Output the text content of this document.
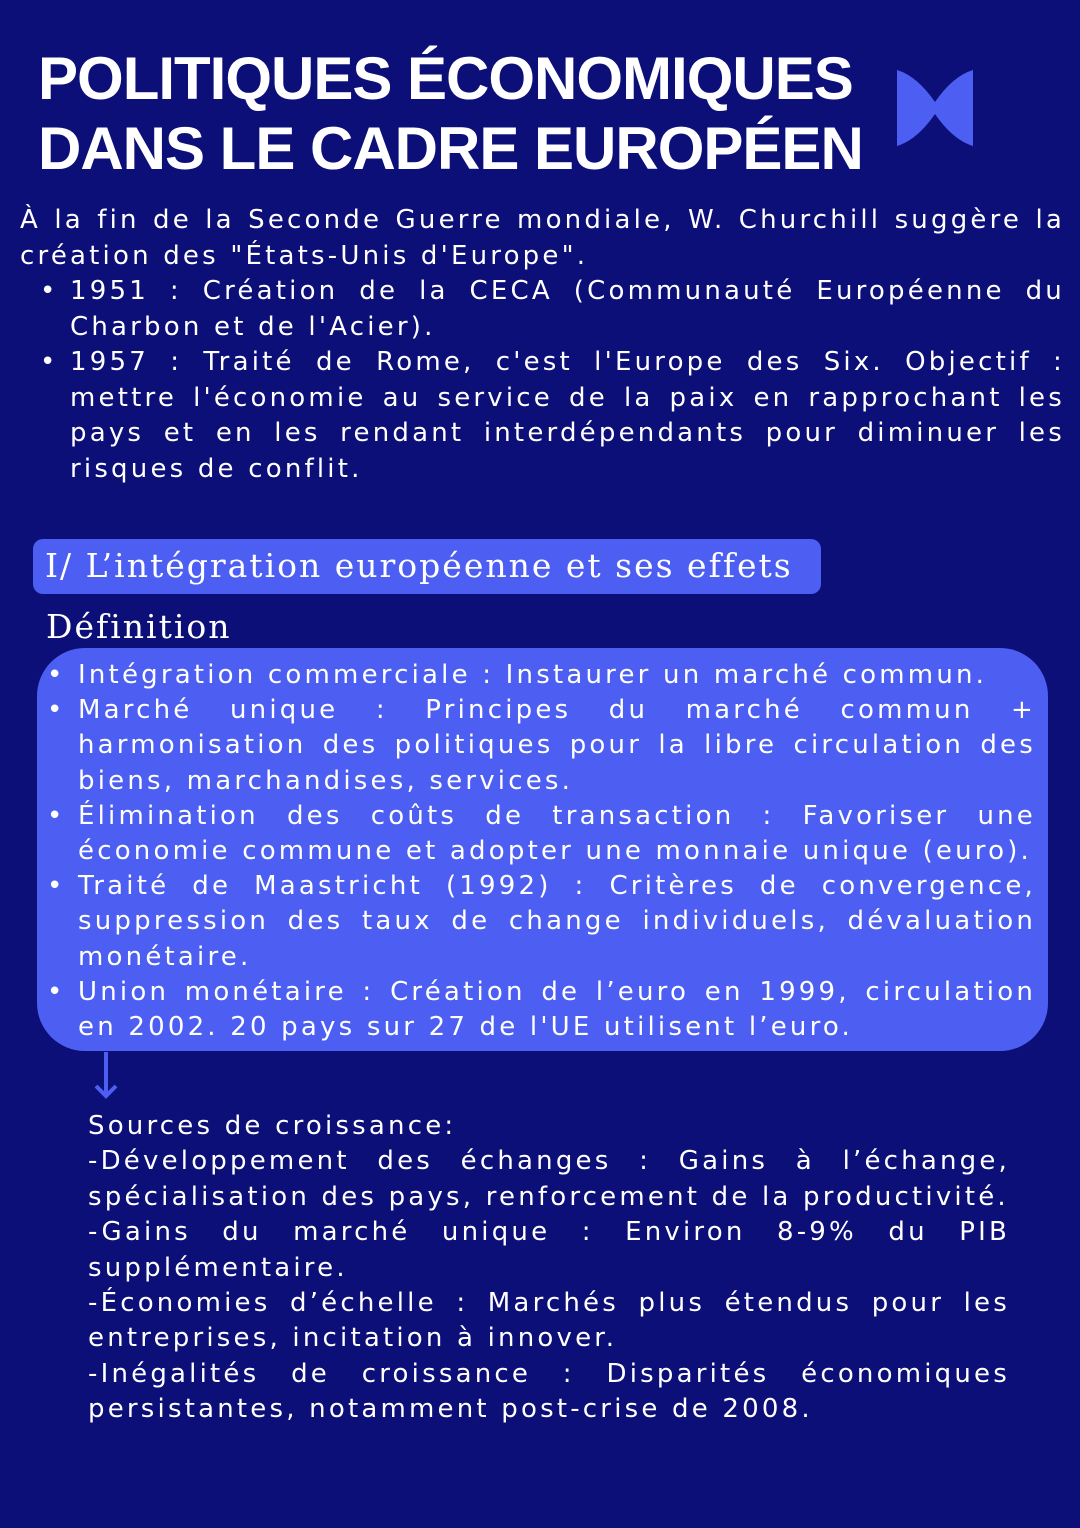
POLITIQUES ÉCONOMIQUES
DANS LE CADRE EUROPÉEN

À la fin de la Seconde Guerre mondiale, W. Churchill suggère la création des "États-Unis d'Europe".

• 1951 : Création de la CECA (Communauté Européenne du Charbon et de l'Acier).
• 1957 : Traité de Rome, c'est l'Europe des Six. Objectif : mettre l'économie au service de la paix en rapprochant les pays et en les rendant interdépendants pour diminuer les risques de conflit.
I/ L’intégration européenne et ses effets
Définition
• Intégration commerciale : Instaurer un marché commun.
• Marché unique : Principes du marché commun + harmonisation des politiques pour la libre circulation des biens, marchandises, services.
• Élimination des coûts de transaction : Favoriser une économie commune et adopter une monnaie unique (euro).
• Traité de Maastricht (1992) : Critères de convergence, suppression des taux de change individuels, dévaluation monétaire.
• Union monétaire : Création de l’euro en 1999, circulation en 2002. 20 pays sur 27 de l'UE utilisent l’euro.

Sources de croissance:

-Développement des échanges : Gains à l’échange, spécialisation des pays, renforcement de la productivité.

-Gains du marché unique : Environ 8-9% du PIB supplémentaire.

-Économies d’échelle : Marchés plus étendus pour les entreprises, incitation à innover.

-Inégalités de croissance : Disparités économiques persistantes, notamment post-crise de 2008.
